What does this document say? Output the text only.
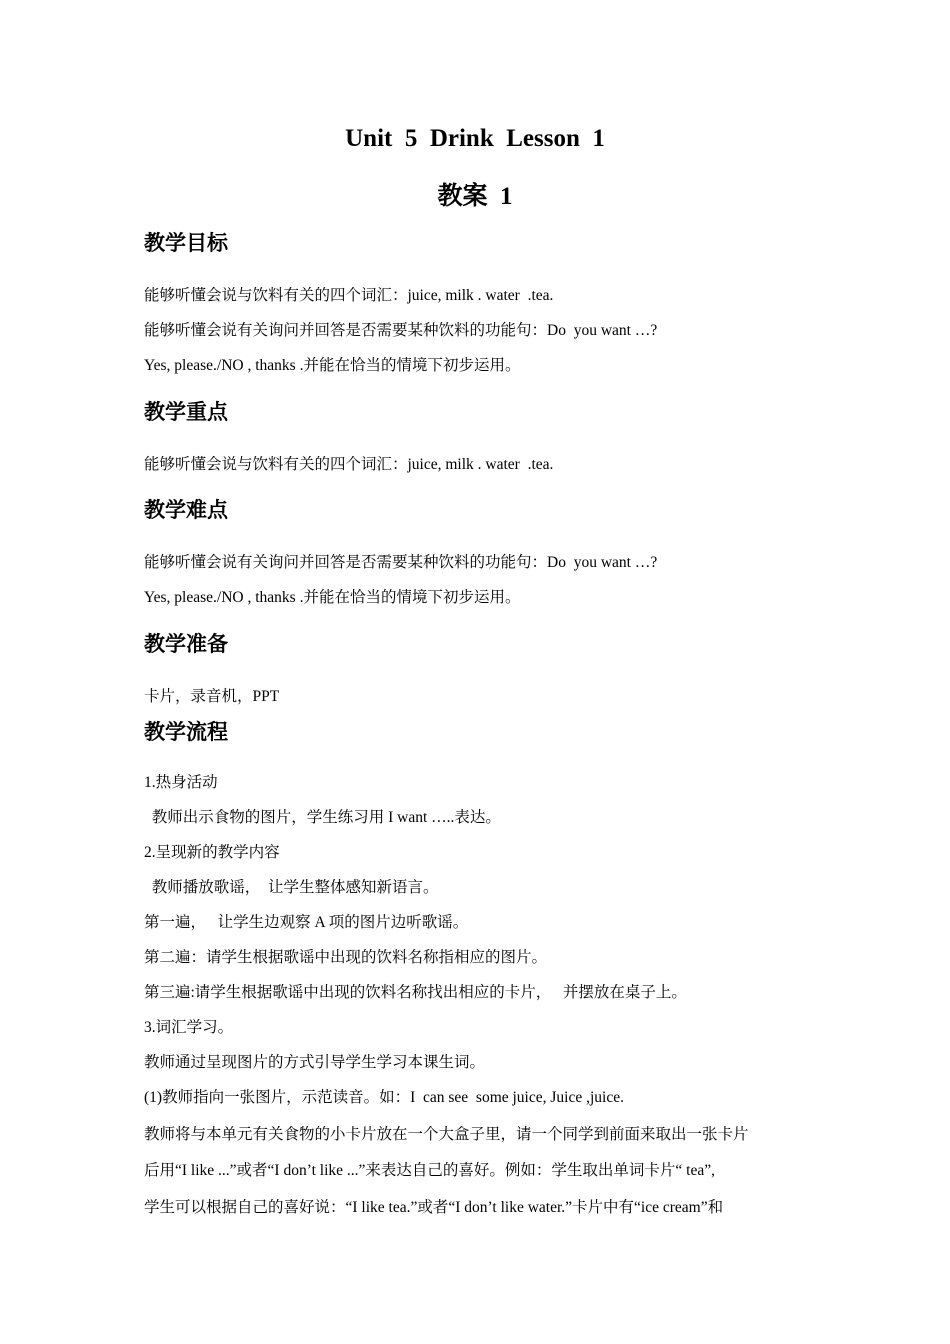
Unit  5  Drink  Lesson  1
教案  1
教学目标

能够听懂会说与饮料有关的四个词汇：juice, milk . water  .tea.

能够听懂会说有关询问并回答是否需要某种饮料的功能句：Do  you want …?

Yes, please./NO , thanks .并能在恰当的情境下初步运用。

教学重点

能够听懂会说与饮料有关的四个词汇：juice, milk . water  .tea.

教学难点

能够听懂会说有关询问并回答是否需要某种饮料的功能句：Do  you want …?

Yes, please./NO , thanks .并能在恰当的情境下初步运用。

教学准备

卡片，录音机，PPT

教学流程

1.热身活动

教师出示食物的图片，学生练习用 I want …..表达。

2.呈现新的教学内容

教师播放歌谣，  让学生整体感知新语言。

第一遍，   让学生边观察 A 项的图片边听歌谣。

第二遍：请学生根据歌谣中出现的饮料名称指相应的图片。

第三遍:请学生根据歌谣中出现的饮料名称找出相应的卡片，   并摆放在桌子上。

3.词汇学习。

教师通过呈现图片的方式引导学生学习本课生词。

(1)教师指向一张图片，示范读音。如：I  can see  some juice, Juice ,juice.

教师将与本单元有关食物的小卡片放在一个大盒子里，请一个同学到前面来取出一张卡片

后用“I like ...”或者“I don’t like ...”来表达自己的喜好。例如：学生取出单词卡片“ tea”,

学生可以根据自己的喜好说：“I like tea.”或者“I don’t like water.”卡片中有“ice cream”和
